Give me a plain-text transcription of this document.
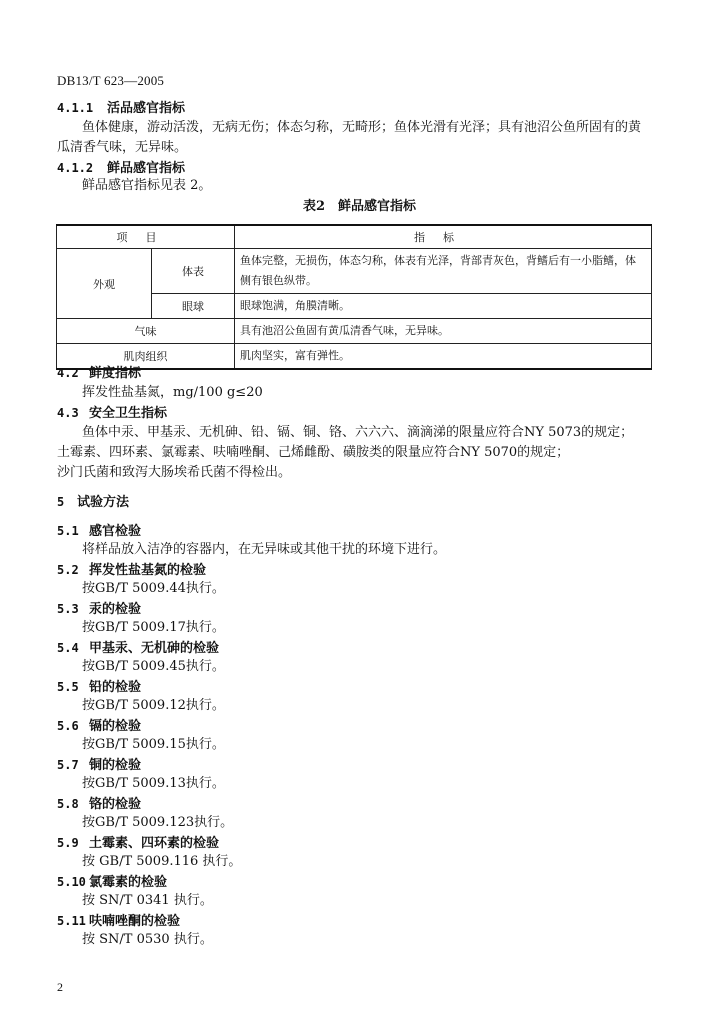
DB13/T 623—2005
4.1.1 活品感官指标
鱼体健康，游动活泼，无病无伤；体态匀称，无畸形；鱼体光滑有光泽；具有池沼公鱼所固有的黄
瓜清香气味，无异味。
4.1.2 鲜品感官指标
鲜品感官指标见表 2。
表2　鲜品感官指标
项目		指标
外观	体表	鱼体完整，无损伤，体态匀称，体表有光泽，背部青灰色，背鳍后有一小脂鳍，体侧有银色纵带。
	眼球	眼球饱满，角膜清晰。
气味		具有池沼公鱼固有黄瓜清香气味，无异味。
肌肉组织		肌肉坚实，富有弹性。
4.2 鲜度指标
挥发性盐基氮，mg/100 g≤20
4.3 安全卫生指标
鱼体中汞、甲基汞、无机砷、铅、镉、铜、铬、六六六、滴滴涕的限量应符合NY 5073的规定；
土霉素、四环素、氯霉素、呋喃唑酮、己烯雌酚、磺胺类的限量应符合NY 5070的规定；
沙门氏菌和致泻大肠埃希氏菌不得检出。
5 试验方法
5.1 感官检验
将样品放入洁净的容器内，在无异味或其他干扰的环境下进行。
5.2 挥发性盐基氮的检验
按GB/T 5009.44执行。
5.3 汞的检验
按GB/T 5009.17执行。
5.4 甲基汞、无机砷的检验
按GB/T 5009.45执行。
5.5 铅的检验
按GB/T 5009.12执行。
5.6 镉的检验
按GB/T 5009.15执行。
5.7 铜的检验
按GB/T 5009.13执行。
5.8 铬的检验
按GB/T 5009.123执行。
5.9 土霉素、四环素的检验
按 GB/T 5009.116 执行。
5.10 氯霉素的检验
按 SN/T 0341 执行。
5.11 呋喃唑酮的检验
按 SN/T 0530 执行。
2
